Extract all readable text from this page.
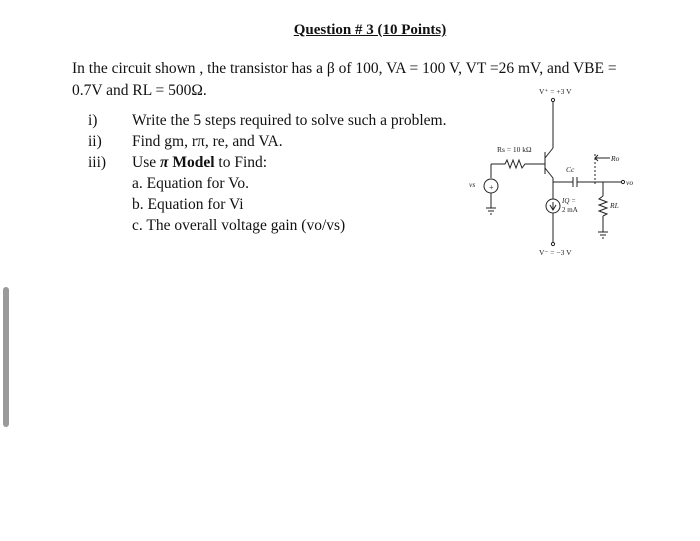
Question # 3 (10 Points)
In the circuit shown , the transistor has a β of 100, VA = 100 V, VT =26 mV, and VBE =
0.7V and RL = 500Ω.
i)	Write the 5 steps required to solve such a problem.
ii)	Find gm, rπ, re, and VA.
iii)	Use π Model to Find:
a. Equation for Vo.
b. Equation for Vi
c. The overall voltage gain (vo/vs)
+
V⁺ = +3 V
Rs = 10 kΩ
Cc
Ro
vo
vs
IQ =
2 mA	RL
V⁻ = −3 V
